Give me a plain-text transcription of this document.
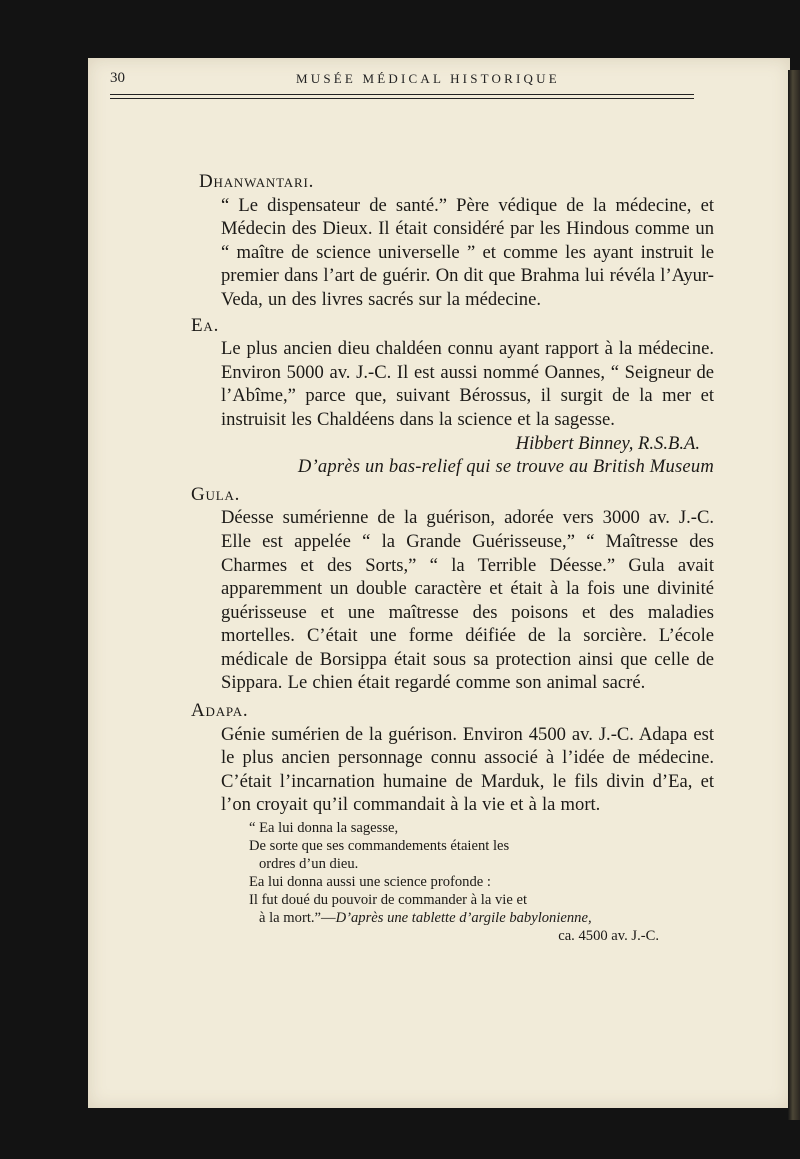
30	MUSÉE MÉDICAL HISTORIQUE

Dhanwantari.

“ Le dispensateur de santé.” Père védique de la médecine, et Médecin des Dieux. Il était considéré par les Hindous comme un “ maître de science universelle ” et comme les ayant instruit le premier dans l’art de guérir. On dit que Brahma lui révéla l’Ayur-Veda, un des livres sacrés sur la médecine.

Ea.

Le plus ancien dieu chaldéen connu ayant rapport à la médecine. Environ 5000 av. J.-C. Il est aussi nommé Oannes, “ Seigneur de l’Abîme,” parce que, suivant Bérossus, il surgit de la mer et instruisit les Chaldéens dans la science et la sagesse.

Hibbert Binney, R.S.B.A.

D’après un bas-relief qui se trouve au British Museum

Gula.

Déesse sumérienne de la guérison, adorée vers 3000 av. J.-C. Elle est appelée “ la Grande Guérisseuse,” “ Maîtresse des Charmes et des Sorts,” “ la Terrible Déesse.” Gula avait apparemment un double caractère et était à la fois une divinité guérisseuse et une maîtresse des poisons et des maladies mortelles. C’était une forme déifiée de la sorcière. L’école médicale de Borsippa était sous sa protection ainsi que celle de Sippara. Le chien était regardé comme son animal sacré.

Adapa.

Génie sumérien de la guérison. Environ 4500 av. J.-C. Adapa est le plus ancien personnage connu associé à l’idée de médecine. C’était l’incarnation humaine de Marduk, le fils divin d’Ea, et l’on croyait qu’il commandait à la vie et à la mort.

“ Ea lui donna la sagesse,

De sorte que ses commandements étaient les

ordres d’un dieu.

Ea lui donna aussi une science profonde :

Il fut doué du pouvoir de commander à la vie et

à la mort.”—D’après une tablette d’argile babylonienne,

ca. 4500 av. J.-C.
